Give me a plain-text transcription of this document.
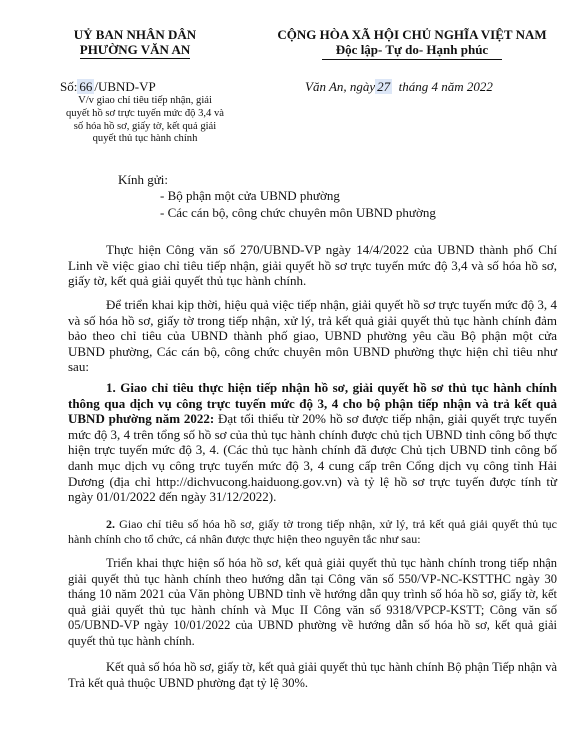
UỶ BAN NHÂN DÂN
PHƯỜNG VĂN AN
CỘNG HÒA XÃ HỘI CHỦ NGHĨA VIỆT NAM
Độc lập- Tự do- Hạnh phúc
Số: 66 /UBND-VP	Văn An, ngày 27 tháng 4 năm 2022
V/v giao chỉ tiêu tiếp nhận, giải
quyết hồ sơ trực tuyến mức độ 3,4 và
số hóa hồ sơ, giấy tờ, kết quả giải
quyết thủ tục hành chính
Kính gửi:
- Bộ phận một cửa UBND phường
- Các cán bộ, công chức chuyên môn UBND phường
Thực hiện Công văn số 270/UBND-VP ngày 14/4/2022 của UBND thành phố Chí Linh về việc giao chỉ tiêu tiếp nhận, giải quyết hồ sơ trực tuyến mức độ 3,4 và số hóa hồ sơ, giấy tờ, kết quả giải quyết thủ tục hành chính.
Để triển khai kịp thời, hiệu quả việc tiếp nhận, giải quyết hồ sơ trực tuyến mức độ 3, 4 và số hóa hồ sơ, giấy tờ trong tiếp nhận, xử lý, trả kết quả giải quyết thủ tục hành chính đảm bảo theo chỉ tiêu của UBND thành phố giao, UBND phường yêu cầu Bộ phận một cửa UBND phường, Các cán bộ, công chức chuyên môn UBND phường thực hiện chỉ tiêu như sau:
1. Giao chỉ tiêu thực hiện tiếp nhận hồ sơ, giải quyết hồ sơ thủ tục hành chính thông qua dịch vụ công trực tuyến mức độ 3, 4 cho bộ phận tiếp nhận và trả kết quả UBND phường năm 2022: Đạt tối thiểu từ 20% hồ sơ được tiếp nhận, giải quyết trực tuyến mức độ 3, 4 trên tổng số hồ sơ của thủ tục hành chính được chủ tịch UBND tỉnh công bố thực hiện trực tuyến mức độ 3, 4. (Các thủ tục hành chính đã được Chủ tịch UBND tỉnh công bố danh mục dịch vụ công trực tuyến mức độ 3, 4 cung cấp trên Cổng dịch vụ công tỉnh Hải Dương (địa chỉ http://dichvucong.haiduong.gov.vn) và tỷ lệ hồ sơ trực tuyến được tính từ ngày 01/01/2022 đến ngày 31/12/2022).
2. Giao chỉ tiêu số hóa hồ sơ, giấy tờ trong tiếp nhận, xử lý, trả kết quả giải quyết thủ tục hành chính cho tổ chức, cá nhân được thực hiện theo nguyên tắc như sau:
Triển khai thực hiện số hóa hồ sơ, kết quả giải quyết thủ tục hành chính trong tiếp nhận giải quyết thủ tục hành chính theo hướng dẫn tại Công văn số 550/VP-NC-KSTTHC ngày 30 tháng 10 năm 2021 của Văn phòng UBND tỉnh về hướng dẫn quy trình số hóa hồ sơ, giấy tờ, kết quả giải quyết thủ tục hành chính và Mục II Công văn số 9318/VPCP-KSTT; Công văn số 05/UBND-VP ngày 10/01/2022 của UBND phường về hướng dẫn số hóa hồ sơ, kết quả giải quyết thủ tục hành chính.
Kết quả số hóa hồ sơ, giấy tờ, kết quả giải quyết thủ tục hành chính Bộ phận Tiếp nhận và Trả kết quả thuộc UBND phường đạt tỷ lệ 30%.
